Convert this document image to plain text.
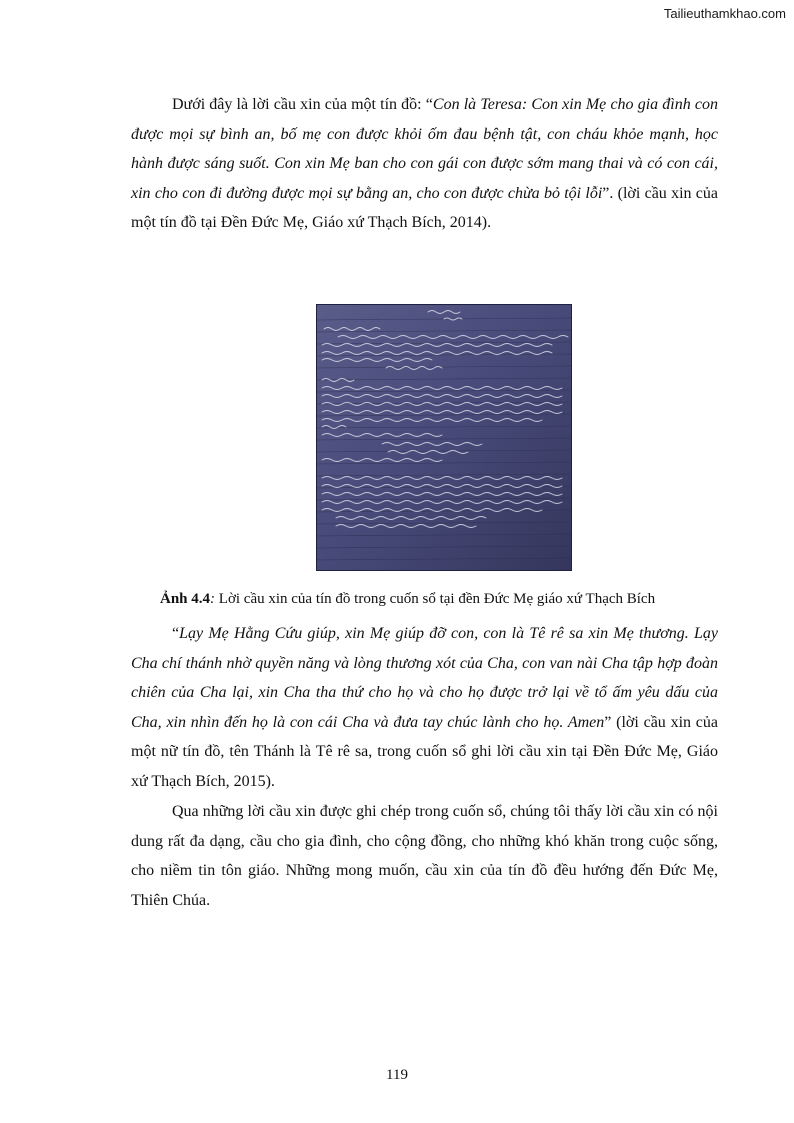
Tailieuthamkhao.com

Dưới đây là lời cầu xin của một tín đồ: “Con là Teresa: Con xin Mẹ cho gia đình con được mọi sự bình an, bố mẹ con được khỏi ốm đau bệnh tật, con cháu khỏe mạnh, học hành được sáng suốt. Con xin Mẹ ban cho con gái con được sớm mang thai và có con cái, xin cho con đi đường được mọi sự bằng an, cho con được chừa bỏ tội lỗi”. (lời cầu xin của một tín đồ tại Đền Đức Mẹ, Giáo xứ Thạch Bích, 2014).

Ảnh 4.4: Lời cầu xin của tín đồ trong cuốn sổ tại đền Đức Mẹ giáo xứ Thạch Bích

“Lạy Mẹ Hằng Cứu giúp, xin Mẹ giúp đỡ con, con là Tê rê sa xin Mẹ thương. Lạy Cha chí thánh nhờ quyền năng và lòng thương xót của Cha, con van nài Cha tập hợp đoàn chiên của Cha lại, xin Cha tha thứ cho họ và cho họ được trở lại về tổ ấm yêu dấu của Cha, xin nhìn đến họ là con cái Cha và đưa tay chúc lành cho họ. Amen” (lời cầu xin của một nữ tín đồ, tên Thánh là Tê rê sa, trong cuốn sổ ghi lời cầu xin tại Đền Đức Mẹ, Giáo xứ Thạch Bích, 2015).

Qua những lời cầu xin được ghi chép trong cuốn sổ, chúng tôi thấy lời cầu xin có nội dung rất đa dạng, cầu cho gia đình, cho cộng đồng, cho những khó khăn trong cuộc sống, cho niềm tin tôn giáo. Những mong muốn, cầu xin của tín đồ đều hướng đến Đức Mẹ, Thiên Chúa.

119
